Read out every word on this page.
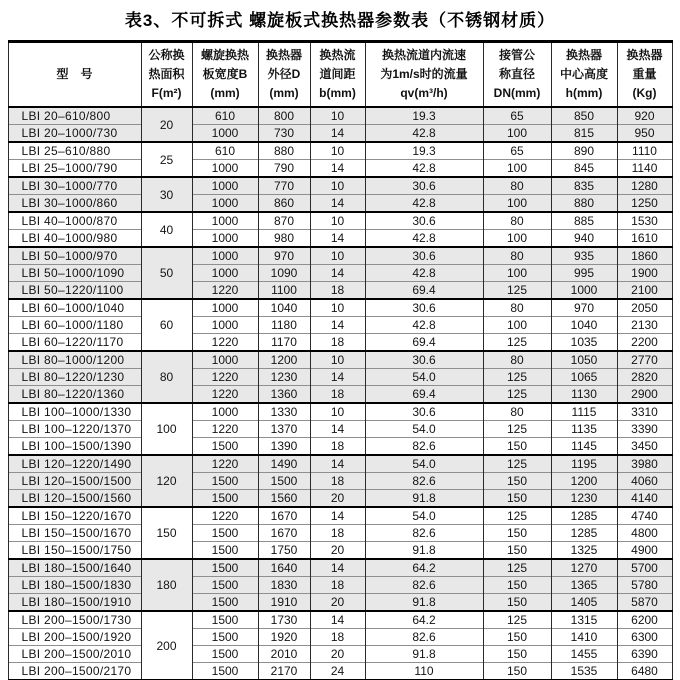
表3、不可拆式 螺旋板式换热器参数表（不锈钢材质）
型　号

公称换
热面积
F(m²)

螺旋换热
板宽度B
(mm)

换热器
外径D
(mm)

换热流
道间距
b(mm)

换热流道内流速
为1m/s时的流量
qv(m³/h)

接管公
称直径
DN(mm)

换热器
中心高度
h(mm)

换热器
重量
(Kg)

LBI 20–610/800	20	610	800	10	19.3	65	850	920
LBI 20–1000/730		1000	730	14	42.8	100	815	950
LBI 25–610/880	25	610	880	10	19.3	65	890	1110
LBI 25–1000/790		1000	790	14	42.8	100	845	1140
LBI 30–1000/770	30	1000	770	10	30.6	80	835	1280
LBI 30–1000/860		1000	860	14	42.8	100	880	1250
LBI 40–1000/870	40	1000	870	10	30.6	80	885	1530
LBI 40–1000/980		1000	980	14	42.8	100	940	1610
LBI 50–1000/970	50	1000	970	10	30.6	80	935	1860
LBI 50–1000/1090		1000	1090	14	42.8	100	995	1900
LBI 50–1220/1100		1220	1100	18	69.4	125	1000	2100
LBI 60–1000/1040	60	1000	1040	10	30.6	80	970	2050
LBI 60–1000/1180		1000	1180	14	42.8	100	1040	2130
LBI 60–1220/1170		1220	1170	18	69.4	125	1035	2200
LBI 80–1000/1200	80	1000	1200	10	30.6	80	1050	2770
LBI 80–1220/1230		1220	1230	14	54.0	125	1065	2820
LBI 80–1220/1360		1220	1360	18	69.4	125	1130	2900
LBI 100–1000/1330	100	1000	1330	10	30.6	80	1115	3310
LBI 100–1220/1370		1220	1370	14	54.0	125	1135	3390
LBI 100–1500/1390		1500	1390	18	82.6	150	1145	3450
LBI 120–1220/1490	120	1220	1490	14	54.0	125	1195	3980
LBI 120–1500/1500		1500	1500	18	82.6	150	1200	4060
LBI 120–1500/1560		1500	1560	20	91.8	150	1230	4140
LBI 150–1220/1670	150	1220	1670	14	54.0	125	1285	4740
LBI 150–1500/1670		1500	1670	18	82.6	150	1285	4800
LBI 150–1500/1750		1500	1750	20	91.8	150	1325	4900
LBI 180–1500/1640	180	1500	1640	14	64.2	125	1270	5700
LBI 180–1500/1830		1500	1830	18	82.6	150	1365	5780
LBI 180–1500/1910		1500	1910	20	91.8	150	1405	5870
LBI 200–1500/1730	200	1500	1730	14	64.2	125	1315	6200
LBI 200–1500/1920		1500	1920	18	82.6	150	1410	6300
LBI 200–1500/2010		1500	2010	20	91.8	150	1455	6390
LBI 200–1500/2170		1500	2170	24	110	150	1535	6480
